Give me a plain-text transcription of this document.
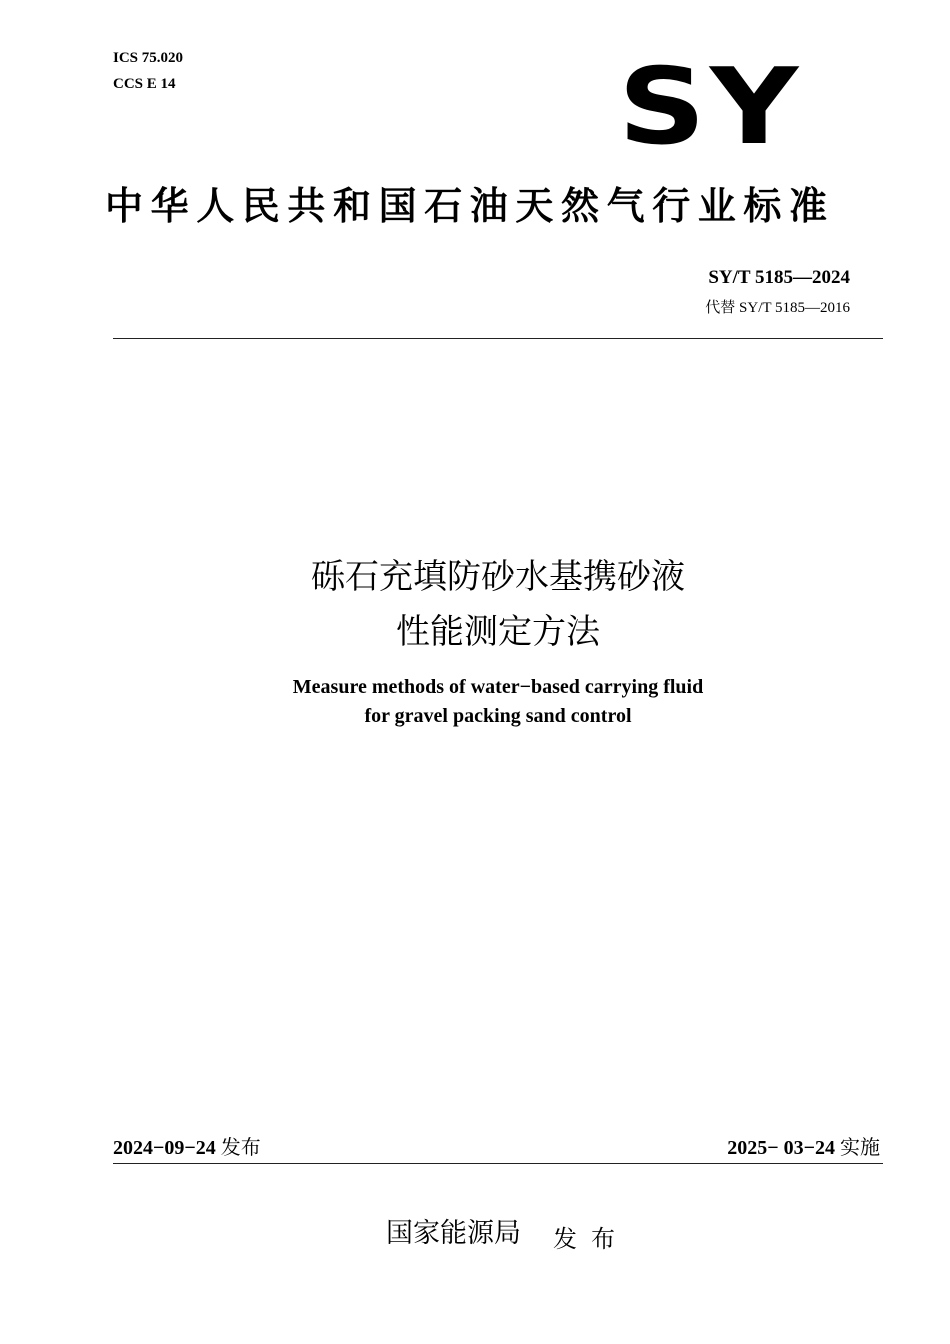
ICS 75.020
CCS E 14	SY
中华人民共和国石油天然气行业标准
SY/T 5185—2024
代替 SY/T 5185—2016
砾石充填防砂水基携砂液
性能测定方法
Measure methods of water−based carrying fluid
for gravel packing sand control
2024−09−24 发布	2025− 03−24 实施
国家能源局 发布
